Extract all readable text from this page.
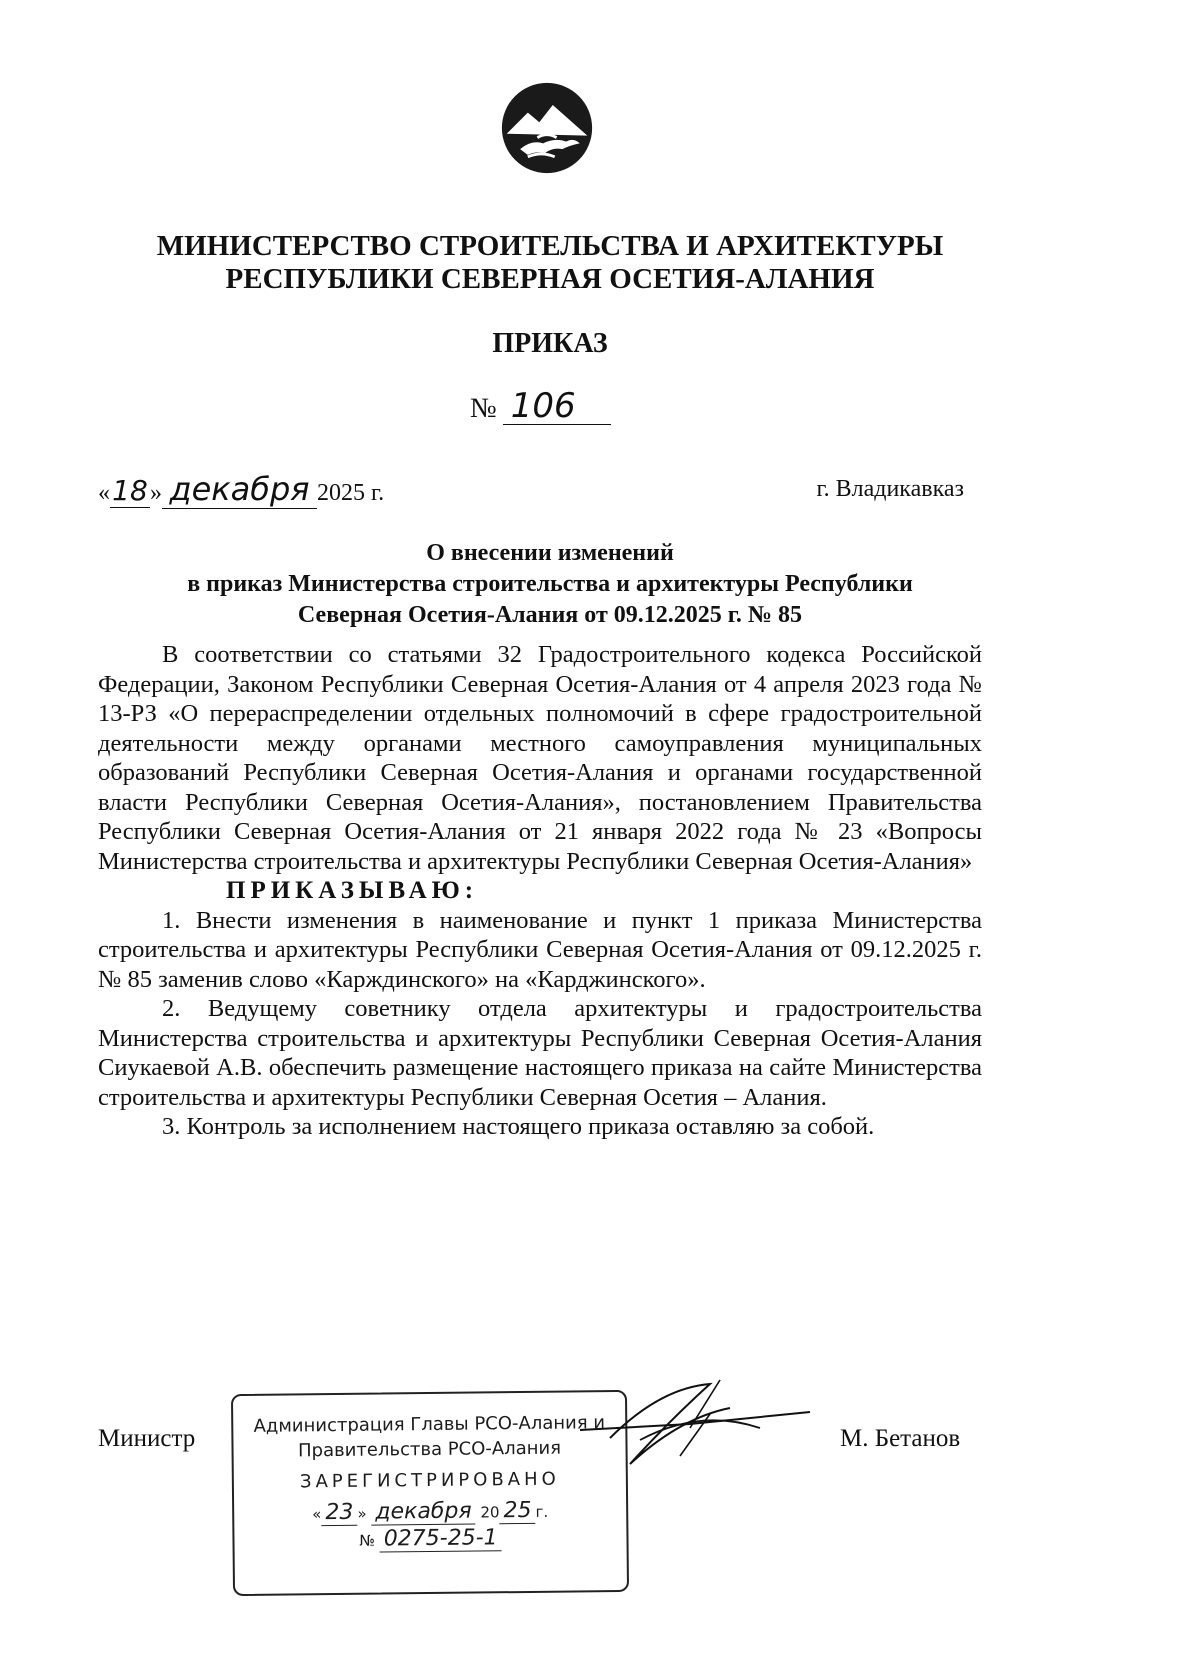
МИНИСТЕРСТВО СТРОИТЕЛЬСТВА И АРХИТЕКТУРЫ
РЕСПУБЛИКИ СЕВЕРНАЯ ОСЕТИЯ-АЛАНИЯ
ПРИКАЗ
№ 106
«18» декабря 2025 г.	г. Владикавказ
О внесении изменений
в приказ Министерства строительства и архитектуры Республики
Северная Осетия-Алания от 09.12.2025 г. № 85

В соответствии со статьями 32 Градостроительного кодекса Российской Федерации, Законом Республики Северная Осетия-Алания от 4 апреля 2023 года № 13-РЗ «О перераспределении отдельных полномочий в сфере градостроительной деятельности между органами местного самоуправления муниципальных образований Республики Северная Осетия-Алания и органами государственной власти Республики Северная Осетия-Алания», постановлением Правительства Республики Северная Осетия-Алания от 21 января 2022 года № 23 «Вопросы Министерства строительства и архитектуры Республики Северная Осетия-Алания»

ПРИКАЗЫВАЮ:

1. Внести изменения в наименование и пункт 1 приказа Министерства строительства и архитектуры Республики Северная Осетия-Алания от 09.12.2025 г. № 85 заменив слово «Карждинского» на «Карджинского».

2. Ведущему советнику отдела архитектуры и градостроительства Министерства строительства и архитектуры Республики Северная Осетия-Алания Сиукаевой А.В. обеспечить размещение настоящего приказа на сайте Министерства строительства и архитектуры Республики Северная Осетия – Алания.

3. Контроль за исполнением настоящего приказа оставляю за собой.

Министр
Администрация Главы РСО-Алания и
Правительства РСО-Алания
ЗАРЕГИСТРИРОВАНО
« 23 » декабря 20 25 г.
№ 0275-25-1
М. Бетанов
